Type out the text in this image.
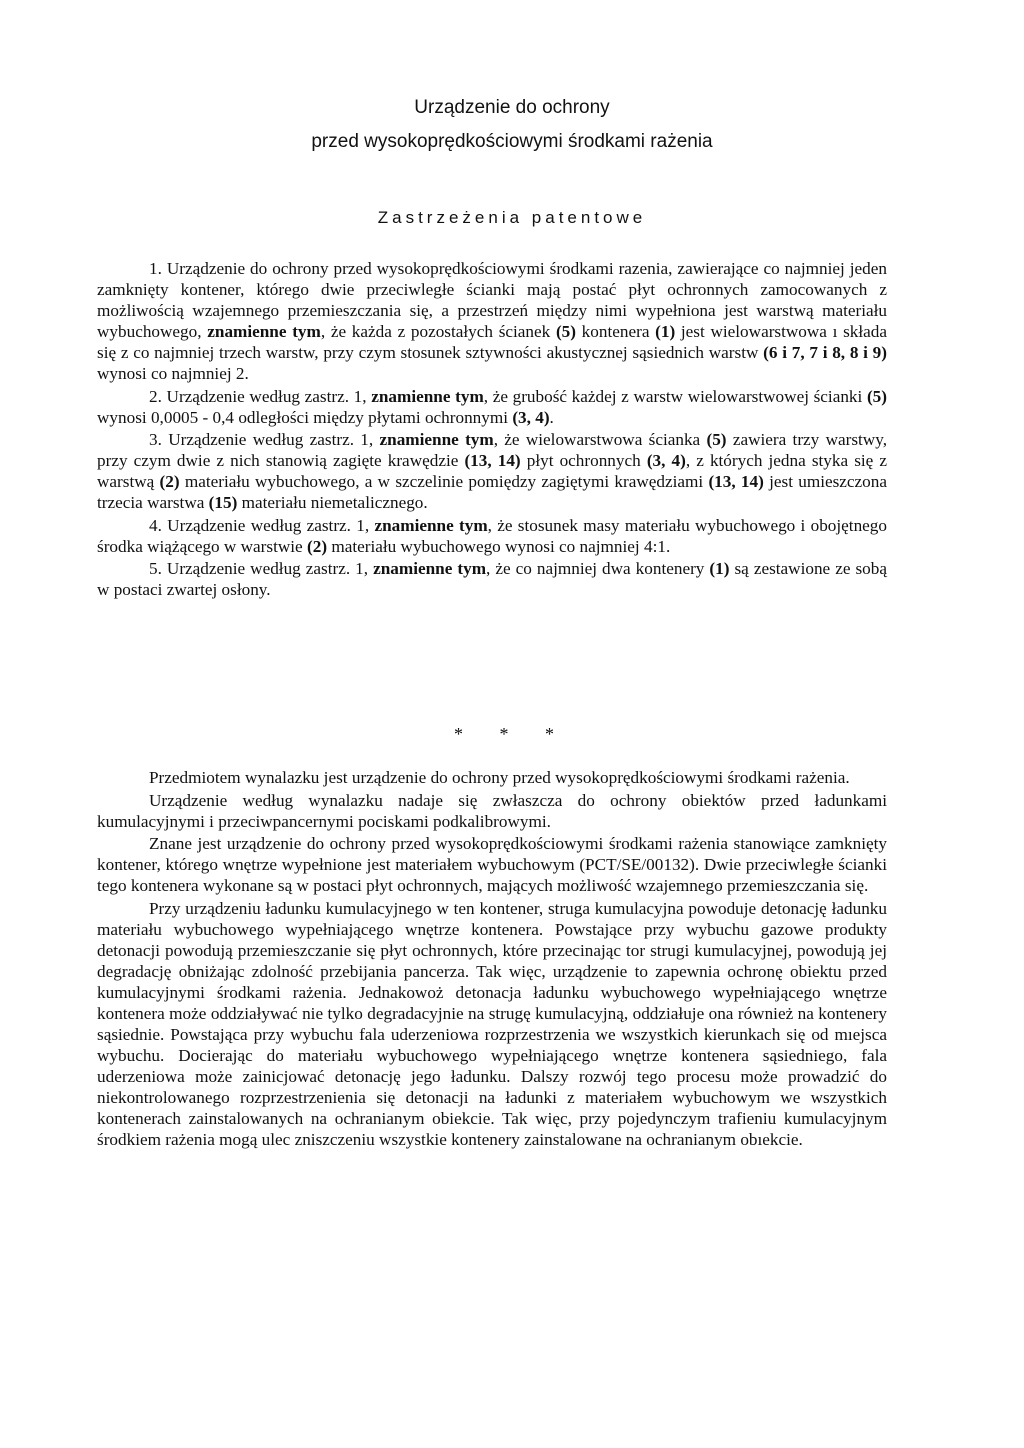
Urządzenie do ochrony
przed wysokoprędkościowymi środkami rażenia
Zastrzeżenia patentowe

1. Urządzenie do ochrony przed wysokoprędkościowymi środkami razenia, zawierające co najmniej jeden zamknięty kontener, którego dwie przeciwległe ścianki mają postać płyt ochronnych zamocowanych z możliwością wzajemnego przemieszczania się, a przestrzeń między nimi wypełniona jest warstwą materiału wybuchowego, znamienne tym, że każda z pozostałych ścianek (5) kontenera (1) jest wielowarstwowa ı składa się z co najmniej trzech warstw, przy czym stosunek sztywności akustycznej sąsiednich warstw (6 i 7, 7 i 8, 8 i 9) wynosi co najmniej 2.

2. Urządzenie według zastrz. 1, znamienne tym, że grubość każdej z warstw wielowarstwowej ścianki (5) wynosi 0,0005 - 0,4 odległości między płytami ochronnymi (3, 4).

3. Urządzenie według zastrz. 1, znamienne tym, że wielowarstwowa ścianka (5) zawiera trzy warstwy, przy czym dwie z nich stanowią zagięte krawędzie (13, 14) płyt ochronnych (3, 4), z których jedna styka się z warstwą (2) materiału wybuchowego, a w szczelinie pomiędzy zagiętymi krawędziami (13, 14) jest umieszczona trzecia warstwa (15) materiału niemetalicznego.

4. Urządzenie według zastrz. 1, znamienne tym, że stosunek masy materiału wybuchowego i obojętnego środka wiążącego w warstwie (2) materiału wybuchowego wynosi co najmniej 4:1.

5. Urządzenie według zastrz. 1, znamienne tym, że co najmniej dwa kontenery (1) są zestawione ze sobą w postaci zwartej osłony.

* * *

Przedmiotem wynalazku jest urządzenie do ochrony przed wysokoprędkościowymi środkami rażenia.

Urządzenie według wynalazku nadaje się zwłaszcza do ochrony obiektów przed ładunkami kumulacyjnymi i przeciwpancernymi pociskami podkalibrowymi.

Znane jest urządzenie do ochrony przed wysokoprędkościowymi środkami rażenia stanowiące zamknięty kontener, którego wnętrze wypełnione jest materiałem wybuchowym (PCT/SE/00132). Dwie przeciwległe ścianki tego kontenera wykonane są w postaci płyt ochronnych, mających możliwość wzajemnego przemieszczania się.

Przy urządzeniu ładunku kumulacyjnego w ten kontener, struga kumulacyjna powoduje detonację ładunku materiału wybuchowego wypełniającego wnętrze kontenera. Powstające przy wybuchu gazowe produkty detonacji powodują przemieszczanie się płyt ochronnych, które przecinając tor strugi kumulacyjnej, powodują jej degradację obniżając zdolność przebijania pancerza. Tak więc, urządzenie to zapewnia ochronę obiektu przed kumulacyjnymi środkami rażenia. Jednakowoż detonacja ładunku wybuchowego wypełniającego wnętrze kontenera może oddziaływać nie tylko degradacyjnie na strugę kumulacyjną, oddziałuje ona również na kontenery sąsiednie. Powstająca przy wybuchu fala uderzeniowa rozprzestrzenia we wszystkich kierunkach się od mıejsca wybuchu. Docierając do materiału wybuchowego wypełniającego wnętrze kontenera sąsiedniego, fala uderzeniowa może zainicjować detonację jego ładunku. Dalszy rozwój tego procesu może prowadzić do niekontrolowanego rozprzestrzenienia się detonacji na ładunki z materiałem wybuchowym we wszystkich kontenerach zainstalowanych na ochranianym obiekcie. Tak więc, przy pojedynczym trafieniu kumulacyjnym środkiem rażenia mogą ulec zniszczeniu wszystkie kontenery zainstalowane na ochranianym obıekcie.
